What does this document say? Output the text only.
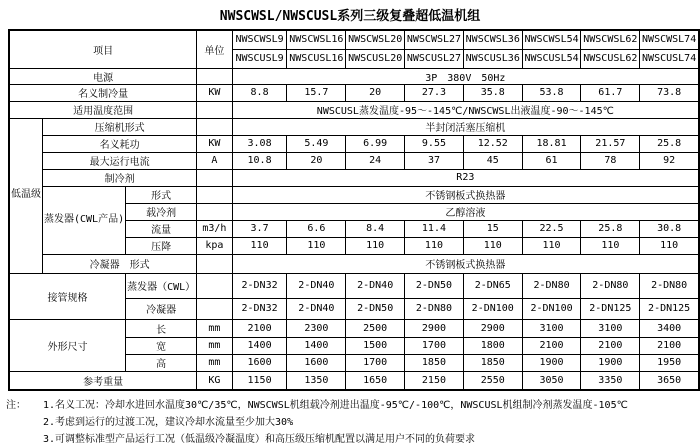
NWSCWSL/NWSCUSL系列三级复叠超低温机组
项目			单位	NWSCWSL9	NWSCWSL16	NWSCWSL20	NWSCWSL27	NWSCWSL36	NWSCWSL54	NWSCWSL62	NWSCWSL74
				NWSCUSL9	NWSCUSL16	NWSCUSL20	NWSCUSL27	NWSCUSL36	NWSCUSL54	NWSCUSL62	NWSCUSL74
电源				3P　380V　50Hz							
名义制冷量			KW	8.8	15.7	20	27.3	35.8	53.8	61.7	73.8
适用温度范围				NWSCUSL蒸发温度-95～-145℃/NWSCWSL出液温度-90～-145℃							
低温级	压缩机形式			半封闭活塞压缩机							
	名义耗功		KW	3.08	5.49	6.99	9.55	12.52	18.81	21.57	25.8
	最大运行电流		A	10.8	20	24	37	45	61	78	92
	制冷剂			R23							
	蒸发器(CWL产品)	形式		不锈钢板式换热器							
		载冷剂		乙醇溶液							
		流量	m3/h	3.7	6.6	8.4	11.4	15	22.5	25.8	30.8
		压降	kpa	110	110	110	110	110	110	110	110
	冷凝器　形式			不锈钢板式换热器							
接管规格		蒸发器（CWL）		2-DN32	2-DN40	2-DN40	2-DN50	2-DN65	2-DN80	2-DN80	2-DN80
		冷凝器		2-DN32	2-DN40	2-DN50	2-DN80	2-DN100	2-DN100	2-DN125	2-DN125
外形尺寸		长	mm	2100	2300	2500	2900	2900	3100	3100	3400
		宽	mm	1400	1400	1500	1700	1800	2100	2100	2100
		高	mm	1600	1600	1700	1850	1850	1900	1900	1950
参考重量			KG	1150	1350	1650	2150	2550	3050	3350	3650
注： 1.名义工况：冷却水进回水温度30℃/35℃，NWSCWSL机组载冷剂进出温度-95℃/-100℃，NWSCUSL机组制冷剂蒸发温度-105℃
2.考虑到运行的过渡工况，建议冷却水流量至少加大30%
3.可调整标准型产品运行工况（低温级冷凝温度）和高压级压缩机配置以满足用户不同的负荷要求
